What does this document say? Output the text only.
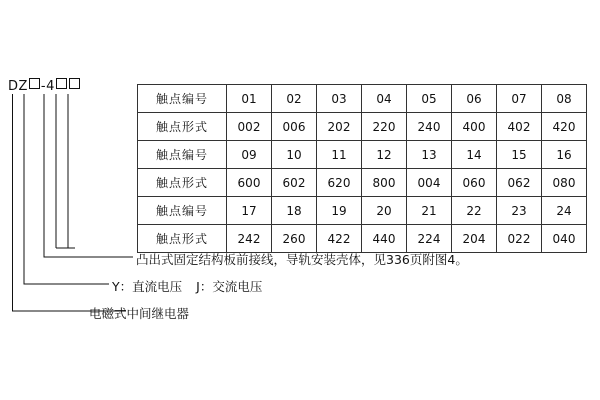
DZ -4
触点编号	01	02	03	04	05	06	07	08
触点形式	002	006	202	220	240	400	402	420
触点编号	09	10	11	12	13	14	15	16
触点形式	600	602	620	800	004	060	062	080
触点编号	17	18	19	20	21	22	23	24
触点形式	242	260	422	440	224	204	022	040
凸出式固定结构板前接线，导轨安装壳体，见336页附图4。
Y：直流电压 J：交流电压
电磁式中间继电器
